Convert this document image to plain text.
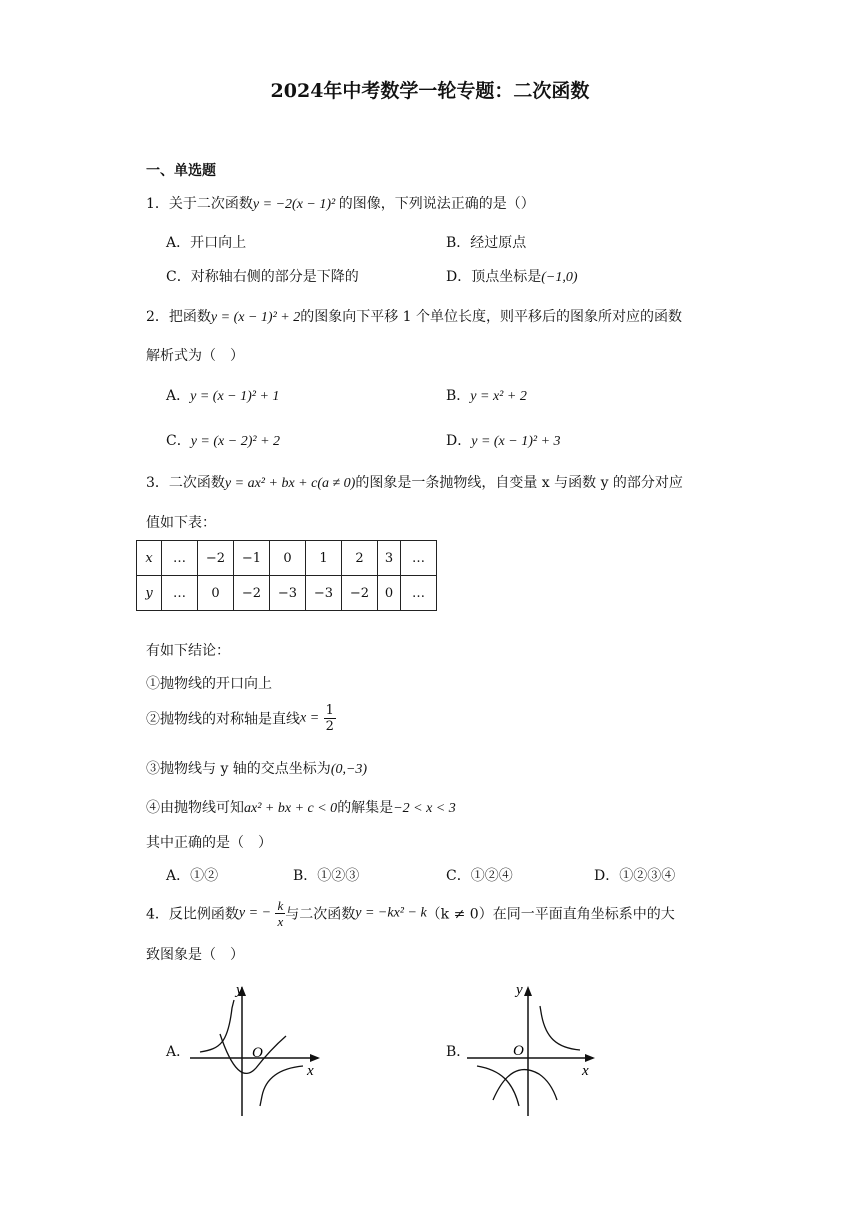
2024年中考数学一轮专题：二次函数
一、单选题
1．关于二次函数y = −2(x − 1)² 的图像，下列说法正确的是（）
A．开口向上	B．经过原点
C．对称轴右侧的部分是下降的	D．顶点坐标是(−1,0)
2．把函数y = (x − 1)² + 2的图象向下平移 1 个单位长度，则平移后的图象所对应的函数
解析式为（　）
A．y = (x − 1)² + 1	B．y = x² + 2
C．y = (x − 2)² + 2	D．y = (x − 1)² + 3
3．二次函数y = ax² + bx + c(a ≠ 0)的图象是一条抛物线，自变量 x 与函数 y 的部分对应
值如下表：
x	…	−2	−1	0	1	2	3	…
y	…	0	−2	−3	−3	−2	0	…
有如下结论：
①抛物线的开口向上
②抛物线的对称轴是直线$x = \frac{1}{2}$
③抛物线与 y 轴的交点坐标为(0,−3)
④由抛物线可知ax² + bx + c < 0的解集是−2 < x < 3
其中正确的是（　）
A．①②	B．①②③	C．①②④	D．①②③④
4．反比例函数y = − $\frac{k}{x}$与二次函数y = −kx² − k（k ≠ 0）在同一平面直角坐标系中的大
致图象是（　）
A．
y
x
O	B．
y
x
O
